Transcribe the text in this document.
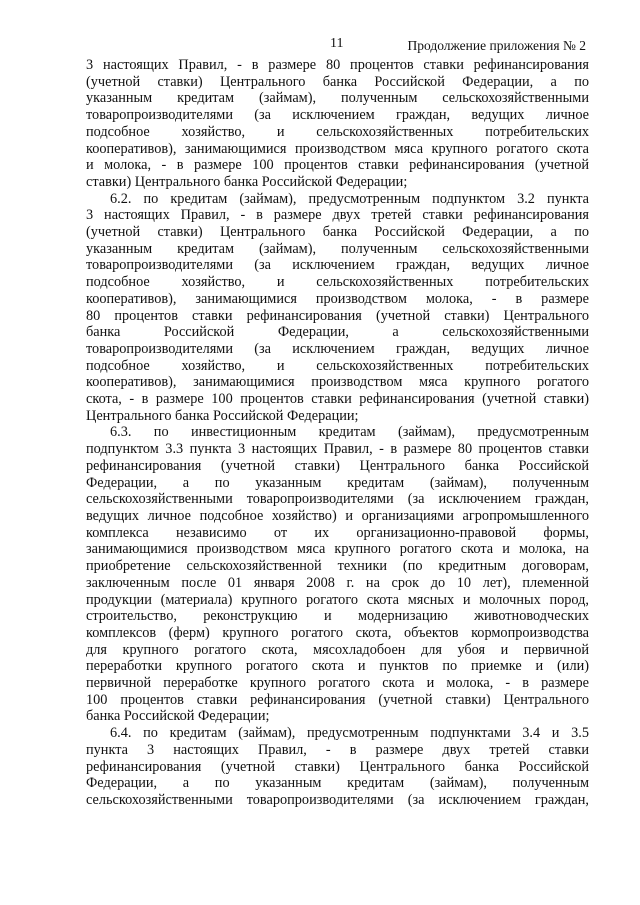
11	Продолжение приложения № 2
3 настоящих Правил, - в размере 80 процентов ставки рефинансирования
(учетной ставки) Центрального банка Российской Федерации, а по
указанным кредитам (займам), полученным сельскохозяйственными
товаропроизводителями (за исключением граждан, ведущих личное
подсобное хозяйство, и сельскохозяйственных потребительских
кооперативов), занимающимися производством мяса крупного рогатого скота
и молока, - в размере 100 процентов ставки рефинансирования (учетной
ставки) Центрального банка Российской Федерации;
6.2. по кредитам (займам), предусмотренным подпунктом 3.2 пункта
3 настоящих Правил, - в размере двух третей ставки рефинансирования
(учетной ставки) Центрального банка Российской Федерации, а по
указанным кредитам (займам), полученным сельскохозяйственными
товаропроизводителями (за исключением граждан, ведущих личное
подсобное хозяйство, и сельскохозяйственных потребительских
кооперативов), занимающимися производством молока, - в размере
80 процентов ставки рефинансирования (учетной ставки) Центрального
банка Российской Федерации, а сельскохозяйственными
товаропроизводителями (за исключением граждан, ведущих личное
подсобное хозяйство, и сельскохозяйственных потребительских
кооперативов), занимающимися производством мяса крупного рогатого
скота, - в размере 100 процентов ставки рефинансирования (учетной ставки)
Центрального банка Российской Федерации;
6.3. по инвестиционным кредитам (займам), предусмотренным
подпунктом 3.3 пункта 3 настоящих Правил, - в размере 80 процентов ставки
рефинансирования (учетной ставки) Центрального банка Российской
Федерации, а по указанным кредитам (займам), полученным
сельскохозяйственными товаропроизводителями (за исключением граждан,
ведущих личное подсобное хозяйство) и организациями агропромышленного
комплекса независимо от их организационно-правовой формы,
занимающимися производством мяса крупного рогатого скота и молока, на
приобретение сельскохозяйственной техники (по кредитным договорам,
заключенным после 01 января 2008 г. на срок до 10 лет), племенной
продукции (материала) крупного рогатого скота мясных и молочных пород,
строительство, реконструкцию и модернизацию животноводческих
комплексов (ферм) крупного рогатого скота, объектов кормопроизводства
для крупного рогатого скота, мясохладобоен для убоя и первичной
переработки крупного рогатого скота и пунктов по приемке и (или)
первичной переработке крупного рогатого скота и молока, - в размере
100 процентов ставки рефинансирования (учетной ставки) Центрального
банка Российской Федерации;
6.4. по кредитам (займам), предусмотренным подпунктами 3.4 и 3.5
пункта 3 настоящих Правил, - в размере двух третей ставки
рефинансирования (учетной ставки) Центрального банка Российской
Федерации, а по указанным кредитам (займам), полученным
сельскохозяйственными товаропроизводителями (за исключением граждан,
